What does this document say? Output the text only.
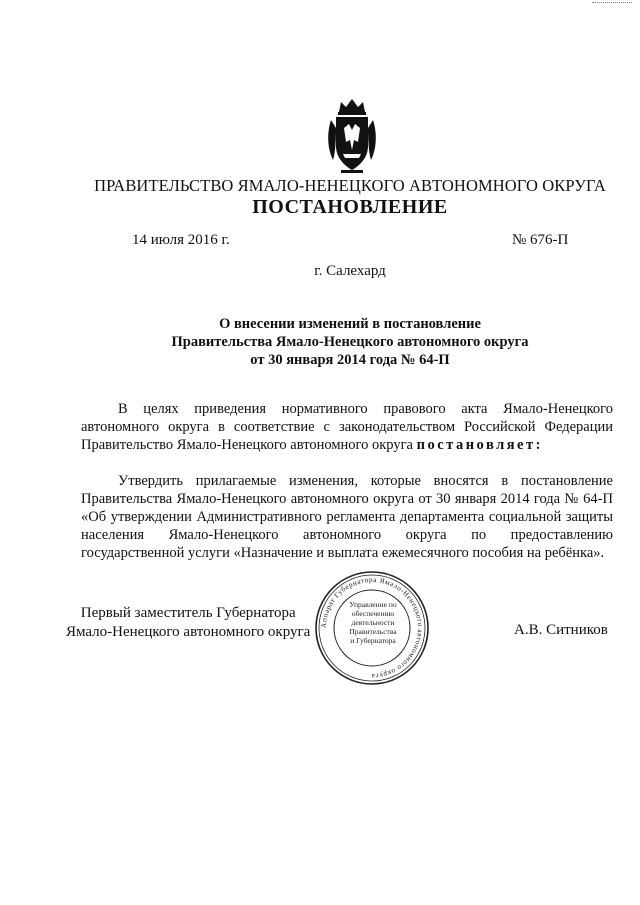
ПРАВИТЕЛЬСТВО ЯМАЛО-НЕНЕЦКОГО АВТОНОМНОГО ОКРУГА
ПОСТАНОВЛЕНИЕ
14 июля 2016 г.	№ 676-П
г. Салехард
О внесении изменений в постановление
Правительства Ямало-Ненецкого автономного округа
от 30 января 2014 года № 64-П
В целях приведения нормативного правового акта Ямало-Ненецкого
автономного округа в соответствие с законодательством Российской Федерации
Правительство Ямало-Ненецкого автономного округа постановляет:
Утвердить прилагаемые изменения, которые вносятся в постановление
Правительства Ямало-Ненецкого автономного округа от 30 января 2014 года № 64-П
«Об утверждении Административного регламента департамента социальной защиты
населения Ямало-Ненецкого автономного округа по предоставлению
государственной услуги «Назначение и выплата ежемесячного пособия на ребёнка».
Первый заместитель Губернатора
Ямало-Ненецкого автономного округа Аппарат Губернатора Ямало-Ненецкого автономного округа
Управление по
обеспечению
деятельности
Правительства
и Губернатора
А.В. Ситников
